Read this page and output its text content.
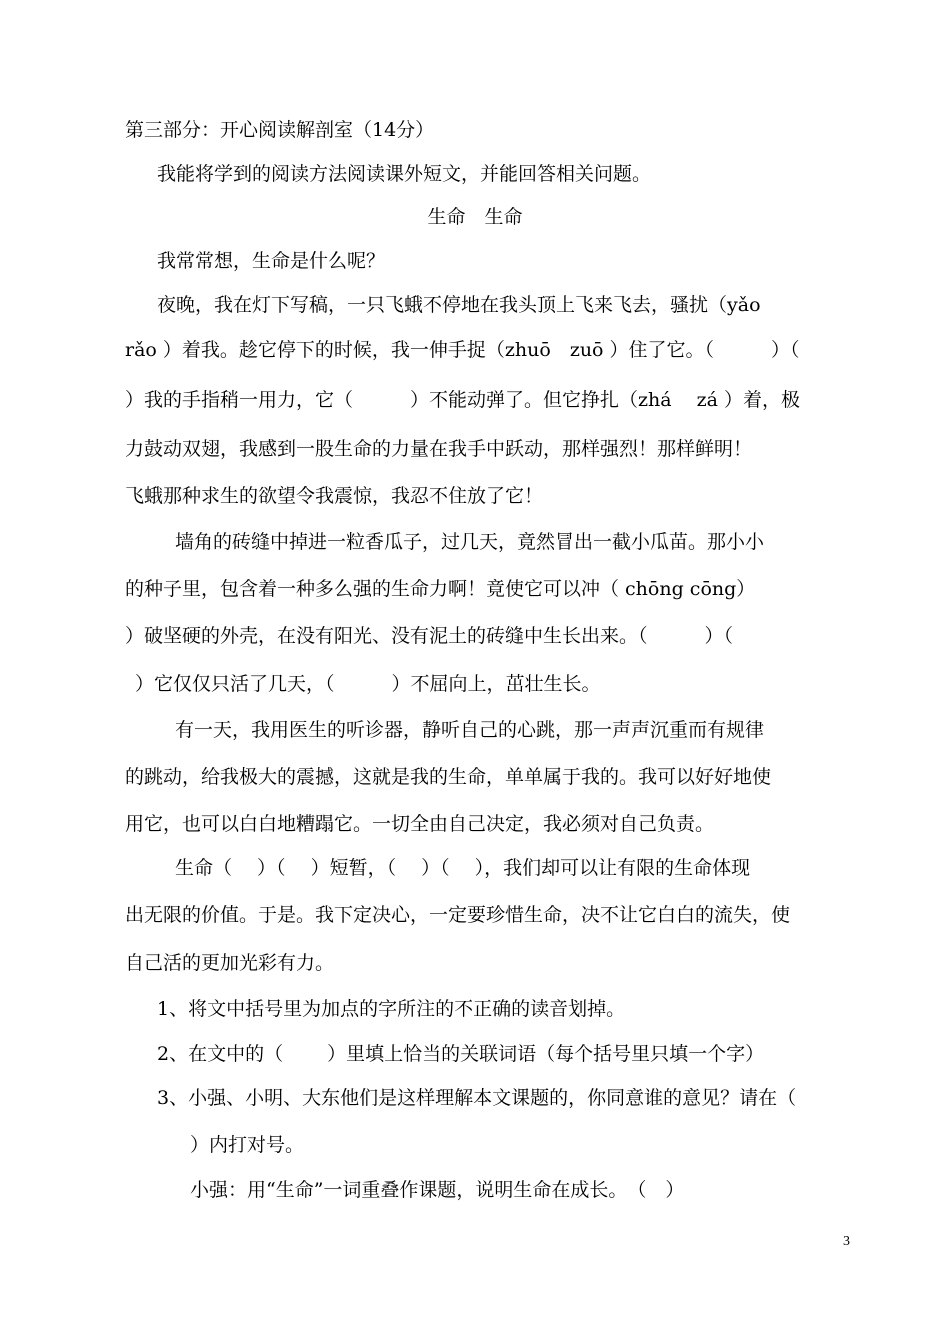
第三部分：开心阅读解剖室（14分）
我能将学到的阅读方法阅读课外短文，并能回答相关问题。
生命　生命
我常常想，生命是什么呢？
夜晚，我在灯下写稿，一只飞蛾不停地在我头顶上飞来飞去，骚扰（yǎo
rǎo ）着我。趁它停下的时候，我一伸手捉（zhuō　zuō ）住了它。（　　　）（
）我的手指稍一用力，它（　　　）不能动弹了。但它挣扎（zhá　 zá ）着，极
力鼓动双翅，我感到一股生命的力量在我手中跃动，那样强烈！那样鲜明！
飞蛾那种求生的欲望令我震惊，我忍不住放了它！
墙角的砖缝中掉进一粒香瓜子，过几天，竟然冒出一截小瓜苗。那小小
的种子里，包含着一种多么强的生命力啊！竟使它可以冲（ chōng cōng）
）破坚硬的外壳，在没有阳光、没有泥土的砖缝中生长出来。（　　　）（
）它仅仅只活了几天，（　　　）不屈向上，茁壮生长。
有一天，我用医生的听诊器，静听自己的心跳，那一声声沉重而有规律
的跳动，给我极大的震撼，这就是我的生命，单单属于我的。我可以好好地使
用它，也可以白白地糟蹋它。一切全由自己决定，我必须对自己负责。
生命（　 ）（　 ）短暂，（　 ）（　 ），我们却可以让有限的生命体现
出无限的价值。于是。我下定决心，一定要珍惜生命，决不让它白白的流失，使
自己活的更加光彩有力。
1、将文中括号里为加点的字所注的不正确的读音划掉。
2、在文中的（　　 ）里填上恰当的关联词语（每个括号里只填一个字）
3、小强、小明、大东他们是这样理解本文课题的，你同意谁的意见？请在（
）内打对号。
小强：用“生命”一词重叠作课题，说明生命在成长。　（　）
3
